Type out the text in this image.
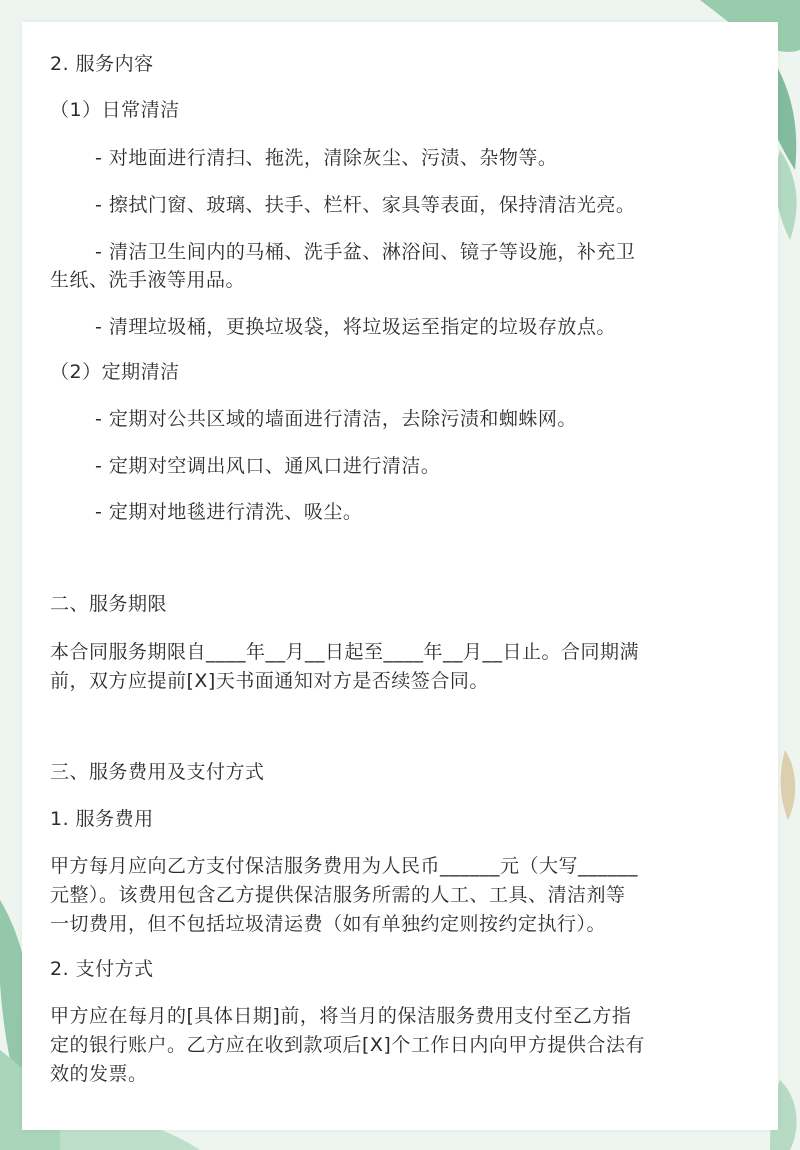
2. 服务内容
（1）日常清洁
- 对地面进行清扫、拖洗，清除灰尘、污渍、杂物等。
- 擦拭门窗、玻璃、扶手、栏杆、家具等表面，保持清洁光亮。
- 清洁卫生间内的马桶、洗手盆、淋浴间、镜子等设施，补充卫
生纸、洗手液等用品。
- 清理垃圾桶，更换垃圾袋，将垃圾运至指定的垃圾存放点。
（2）定期清洁
- 定期对公共区域的墙面进行清洁，去除污渍和蜘蛛网。
- 定期对空调出风口、通风口进行清洁。
- 定期对地毯进行清洗、吸尘。
二、服务期限
本合同服务期限自____年__月__日起至____年__月__日止。合同期满
前，双方应提前[X]天书面通知对方是否续签合同。
三、服务费用及支付方式
1. 服务费用
甲方每月应向乙方支付保洁服务费用为人民币______元（大写______
元整）。该费用包含乙方提供保洁服务所需的人工、工具、清洁剂等
一切费用，但不包括垃圾清运费（如有单独约定则按约定执行）。
2. 支付方式
甲方应在每月的[具体日期]前，将当月的保洁服务费用支付至乙方指
定的银行账户。乙方应在收到款项后[X]个工作日内向甲方提供合法有
效的发票。
